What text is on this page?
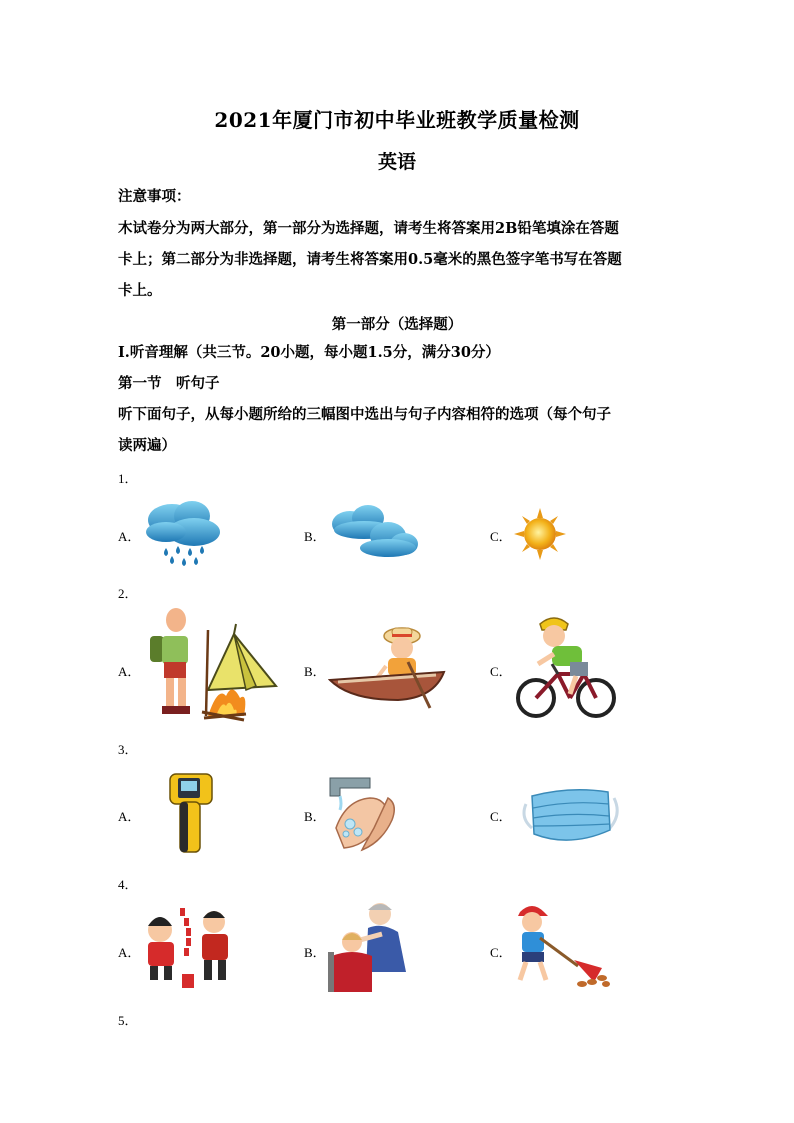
2021年厦门市初中毕业班教学质量检测
英语
注意事项：
木试卷分为两大部分，第一部分为选择题，请考生将答案用2B铅笔填涂在答题
卡上；第二部分为非选择题，请考生将答案用0.5毫米的黑色签字笔书写在答题
卡上。
第一部分（选择题）
I.听音理解（共三节。20小题，每小题1.5分，满分30分）
第一节　听句子
听下面句子，从每小题所给的三幅图中选出与句子内容相符的选项（每个句子
读两遍）
1．
A．	B．	C．
2．
A．	B．	C．
3．
A．	B．	C．
4．
A．	B．	C．
5．
